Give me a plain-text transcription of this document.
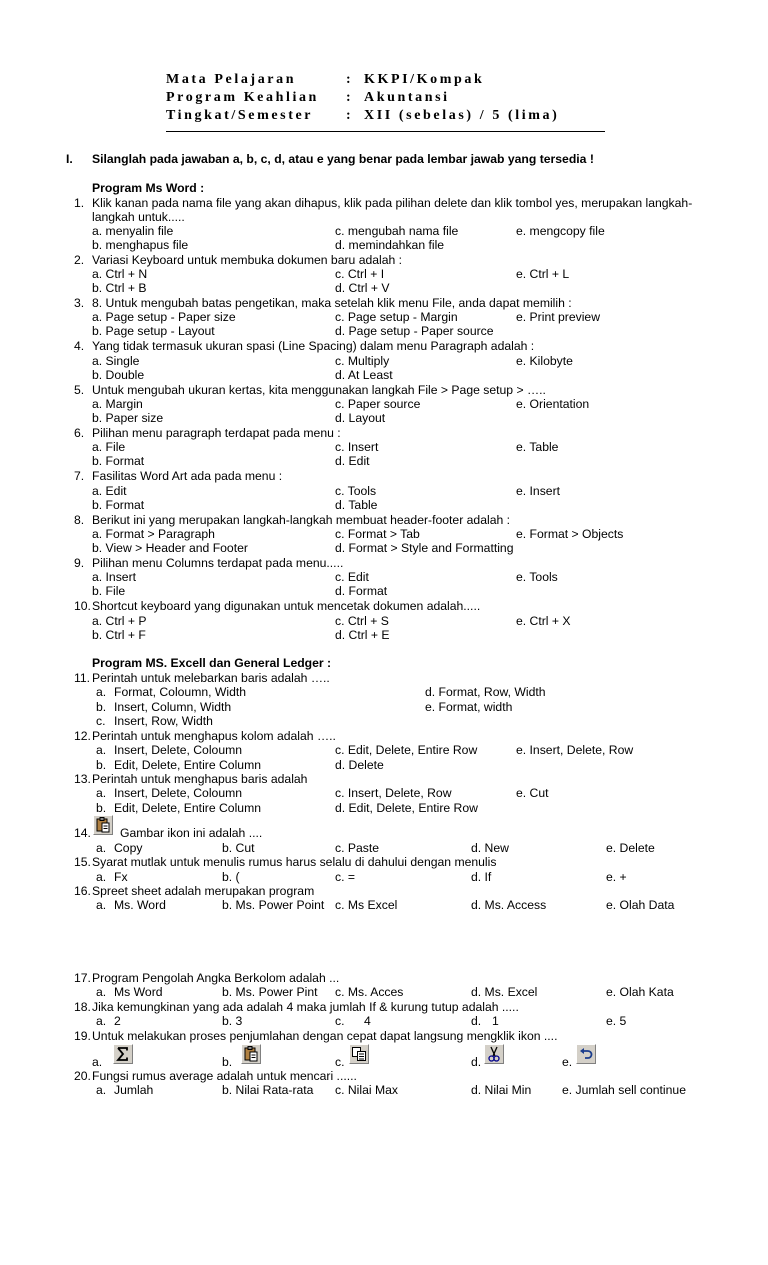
Mata Pelajaran	: KKPI/Kompak
Program Keahlian : Akuntansi
Tingkat/Semester : XII (sebelas) / 5 (lima)
I. Silanglah pada jawaban a, b, c, d, atau e yang benar pada lembar jawab yang tersedia !
Program Ms Word :
1. Klik kanan pada nama file yang akan dihapus, klik pada pilihan delete dan klik tombol yes, merupakan langkah-
langkah untuk.....
a. menyalin file	c. mengubah nama file	e. mengcopy file
b. menghapus file	d. memindahkan file
2. Variasi Keyboard untuk membuka dokumen baru adalah :
a. Ctrl + N	c. Ctrl + I	e. Ctrl + L
b. Ctrl + B	d. Ctrl + V
3. 8. Untuk mengubah batas pengetikan, maka setelah klik menu File, anda dapat memilih :
a. Page setup - Paper size	c. Page setup - Margin	e. Print preview
b. Page setup - Layout	d. Page setup - Paper source
4. Yang tidak termasuk ukuran spasi (Line Spacing) dalam menu Paragraph adalah :
a. Single	c. Multiply	e. Kilobyte
b. Double	d. At Least
5. Untuk mengubah ukuran kertas, kita menggunakan langkah File > Page setup > …..
a. Margin	c. Paper source	e. Orientation
b. Paper size	d. Layout
6. Pilihan menu paragraph terdapat pada menu :
a. File	c. Insert	e. Table
b. Format	d. Edit
7. Fasilitas Word Art ada pada menu :
a. Edit	c. Tools	e. Insert
b. Format	d. Table
8. Berikut ini yang merupakan langkah-langkah membuat header-footer adalah :
a. Format > Paragraph	c. Format > Tab	e. Format > Objects
b. View > Header and Footer	d. Format > Style and Formatting
9. Pilihan menu Columns terdapat pada menu.....
a. Insert	c. Edit	e. Tools
b. File	d. Format
10. Shortcut keyboard yang digunakan untuk mencetak dokumen adalah.....
a. Ctrl + P	c. Ctrl + S	e. Ctrl + X
b. Ctrl + F	d. Ctrl + E
Program MS. Excell dan General Ledger :
11. Perintah untuk melebarkan baris adalah …..
a. Format, Coloumn, Width	d. Format, Row, Width
b. Insert, Column, Width	e. Format, width
c. Insert, Row, Width
12. Perintah untuk menghapus kolom adalah …..
a. Insert, Delete, Coloumn	c. Edit, Delete, Entire Row	e. Insert, Delete, Row
b. Edit, Delete, Entire Column	d. Delete
13. Perintah untuk menghapus baris adalah
a. Insert, Delete, Coloumn	c. Insert, Delete, Row	e. Cut
b. Edit, Delete, Entire Column	d. Edit, Delete, Entire Row
14. Gambar ikon ini adalah ....
a. Copy	b. Cut	c. Paste	d. New	e. Delete
15. Syarat mutlak untuk menulis rumus harus selalu di dahului dengan menulis
a. Fx	b. (	c. =	d. If	e. +
16. Spreet sheet adalah merupakan program
a. Ms. Word	b. Ms. Power Point c. Ms Excel	d. Ms. Access	e. Olah Data
17. Program Pengolah Angka Berkolom adalah ...
a. Ms Word	b. Ms. Power Pint c. Ms. Acces	d. Ms. Excel	e. Olah Kata
18. Jika kemungkinan yang ada adalah 4 maka jumlah If & kurung tutup adalah .....
a. 2	b. 3	c. 4	d. 1	e. 5
19. Untuk melakukan proses penjumlahan dengan cepat dapat langsung mengklik ikon ....
a.	b.	c.	d.	e.
20. Fungsi rumus average adalah untuk mencari ......
a. Jumlah	b. Nilai Rata-rata c. Nilai Max	d. Nilai Min	e. Jumlah sell continue
